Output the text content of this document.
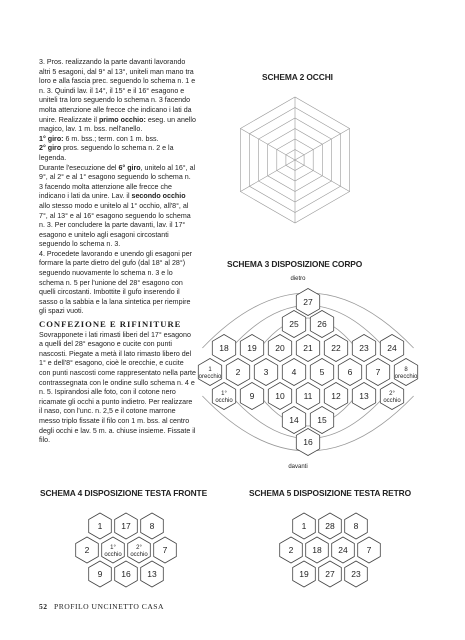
3. Pros. realizzando la parte davanti lavorando altri 5 esagoni, dal 9° al 13°, uniteli man mano tra loro e alla fascia prec. seguendo lo schema n. 1 e n. 3. Quindi lav. il 14°, il 15° e il 16° esagono e uniteli tra loro seguendo lo schema n. 3 facendo molta attenzione alle frecce che indicano i lati da unire. Realizzate il primo occhio: eseg. un anello magico, lav. 1 m. bss. nell'anello.

1° giro: 6 m. bss.; term. con 1 m. bss.

2° giro pros. seguendo lo schema n. 2 e la legenda.

Durante l'esecuzione del 6° giro, unitelo al 16°, al 9°, al 2° e al 1° esagono seguendo lo schema n. 3 facendo molta attenzione alle frecce che indicano i lati da unire. Lav. il secondo occhio allo stesso modo e unitelo al 1° occhio, all'8°, al 7°, al 13° e al 16° esagono seguendo lo schema n. 3. Per concludere la parte davanti, lav. il 17° esagono e unitelo agli esagoni circostanti seguendo lo schema n. 3.

4. Procedete lavorando e unendo gli esagoni per formare la parte dietro del gufo (dal 18° al 28°) seguendo nuovamente lo schema n. 3 e lo schema n. 5 per l'unione del 28° esagono con quelli circostanti. Imbottite il gufo inserendo il sasso o la sabbia e la lana sintetica per riempire gli spazi vuoti.

CONFEZIONE E RIFINITURE

Sovrapponete i lati rimasti liberi del 17° esagono a quelli del 28° esagono e cucite con punti nascosti. Piegate a metà il lato rimasto libero del 1° e dell'8° esagono, cioè le orecchie, e cucite con punti nascosti come rappresentato nella parte contrassegnata con le ondine sullo schema n. 4 e n. 5. Ispirandosi alle foto, con il cotone nero ricamate gli occhi a punto indietro. Per realizzare il naso, con l'unc. n. 2,5 e il cotone marrone messo triplo fissate il filo con 1 m. bss. al centro degli occhi e lav. 5 m. a. chiuse insieme. Fissate il filo.

SCHEMA 2 OCCHI
SCHEMA 3 DISPOSIZIONE CORPO
dietro
davanti
27
25 26
18 19 20 21 22 23 24
1
orecchio 2	3	4	5	6	7	8
orecchio
1°
occhio 9 10 11 12 13	2°
occhio
14 15
16
SCHEMA 4 DISPOSIZIONE TESTA FRONTE
1 17 8
2	1°
occhio
2°
occhio 7
9 16 13
SCHEMA 5 DISPOSIZIONE TESTA RETRO
1 28 8
2 18 24 7
19 27 23
52 PROFILO UNCINETTO CASA
